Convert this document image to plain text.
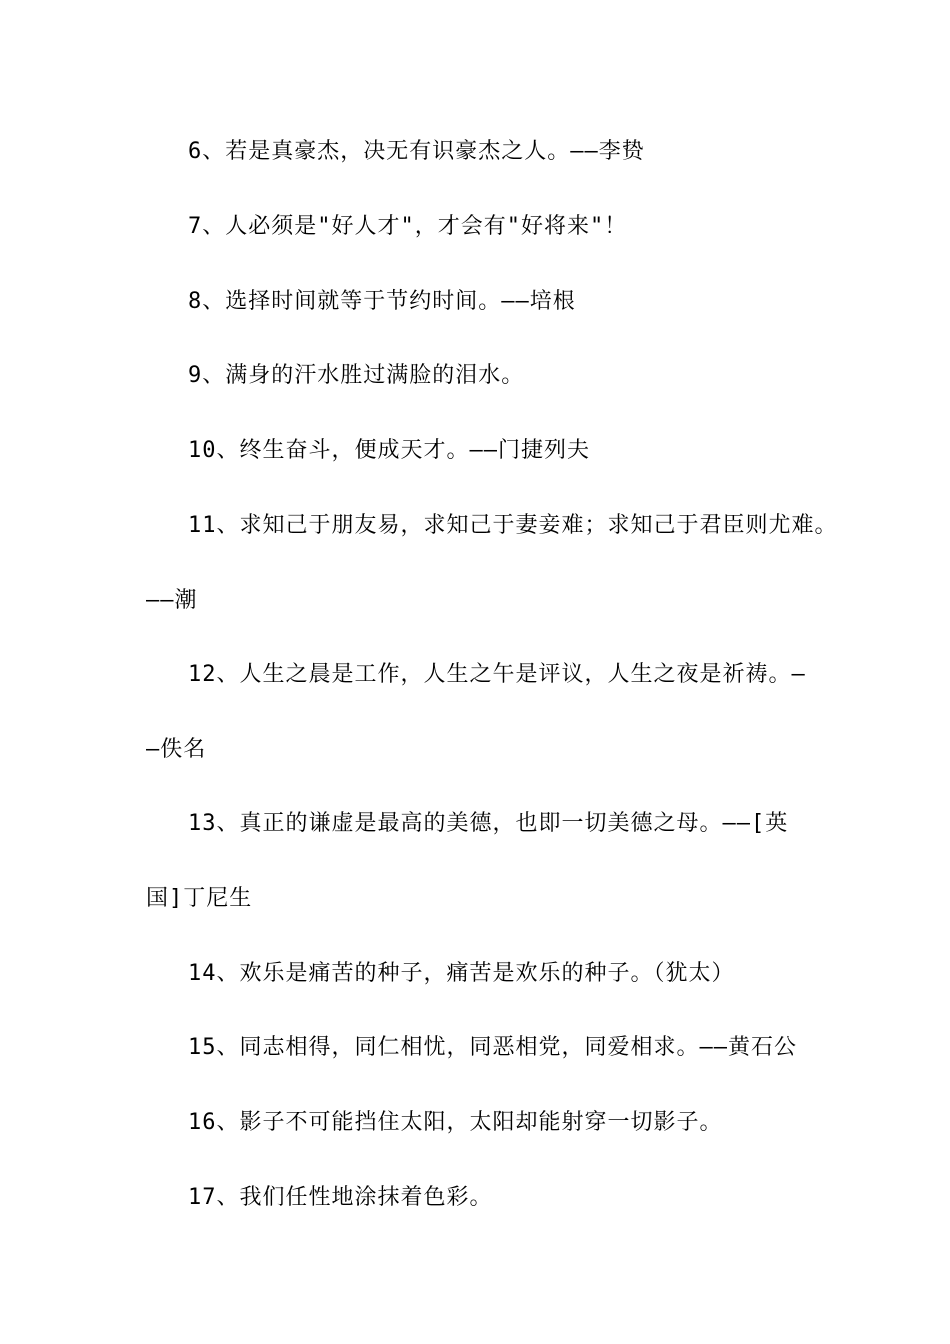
6、若是真豪杰，决无有识豪杰之人。——李贽
7、人必须是"好人才"，才会有"好将来"！
8、选择时间就等于节约时间。——培根
9、满身的汗水胜过满脸的泪水。
10、终生奋斗，便成天才。——门捷列夫
11、求知己于朋友易，求知己于妻妾难；求知己于君臣则尤难。
——潮
12、人生之晨是工作，人生之午是评议，人生之夜是祈祷。—
—佚名
13、真正的谦虚是最高的美德，也即一切美德之母。——[英
国]丁尼生
14、欢乐是痛苦的种子，痛苦是欢乐的种子。（犹太）
15、同志相得，同仁相忧，同恶相党，同爱相求。——黄石公
16、影子不可能挡住太阳，太阳却能射穿一切影子。
17、我们任性地涂抹着色彩。
